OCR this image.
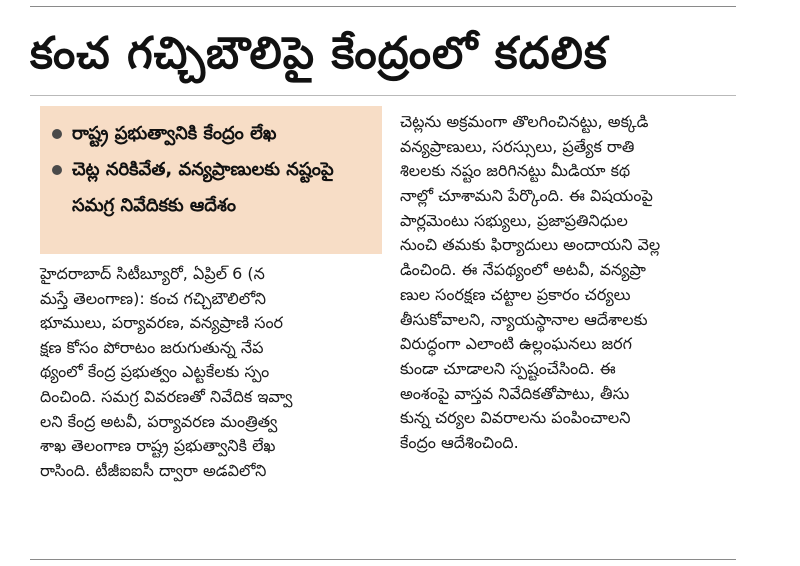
కంచ గచ్చిబౌలిపై కేంద్రంలో కదలిక
రాష్ట్ర ప్రభుత్వానికి కేంద్రం లేఖ
చెట్ల నరికివేత, వన్యప్రాణులకు నష్టంపై సమగ్ర నివేదికకు ఆదేశం
హైదరాబాద్ సిటీబ్యూరో, ఏప్రిల్ 6 (న
మస్తే తెలంగాణ): కంచ గచ్చిబౌలిలోని
భూములు, పర్యావరణ, వన్యప్రాణి సంర
క్షణ కోసం పోరాటం జరుగుతున్న నేప
థ్యంలో కేంద్ర ప్రభుత్వం ఎట్టకేలకు స్పం
దించింది. సమగ్ర వివరణతో నివేదిక ఇవ్వా
లని కేంద్ర అటవీ, పర్యావరణ మంత్రిత్వ
శాఖ తెలంగాణ రాష్ట్ర ప్రభుత్వానికి లేఖ
రాసింది. టీజీఐఐసీ ద్వారా అడవిలోని
చెట్లను అక్రమంగా తొలగించినట్టు, అక్కడి
వన్యప్రాణులు, సరస్సులు, ప్రత్యేక రాతి
శిలలకు నష్టం జరిగినట్టు మీడియా కథ
నాల్లో చూశామని పేర్కొంది. ఈ విషయంపై
పార్లమెంటు సభ్యులు, ప్రజాప్రతినిధుల
నుంచి తమకు ఫిర్యాదులు అందాయని వెల్ల
డించింది. ఈ నేపథ్యంలో అటవీ, వన్యప్రా
ణుల సంరక్షణ చట్టాల ప్రకారం చర్యలు
తీసుకోవాలని, న్యాయస్థానాల ఆదేశాలకు
విరుద్ధంగా ఎలాంటి ఉల్లంఘనలు జరగ
కుండా చూడాలని స్పష్టంచేసింది. ఈ
అంశంపై వాస్తవ నివేదికతోపాటు, తీసు
కున్న చర్యల వివరాలను పంపించాలని
కేంద్రం ఆదేశించింది.
